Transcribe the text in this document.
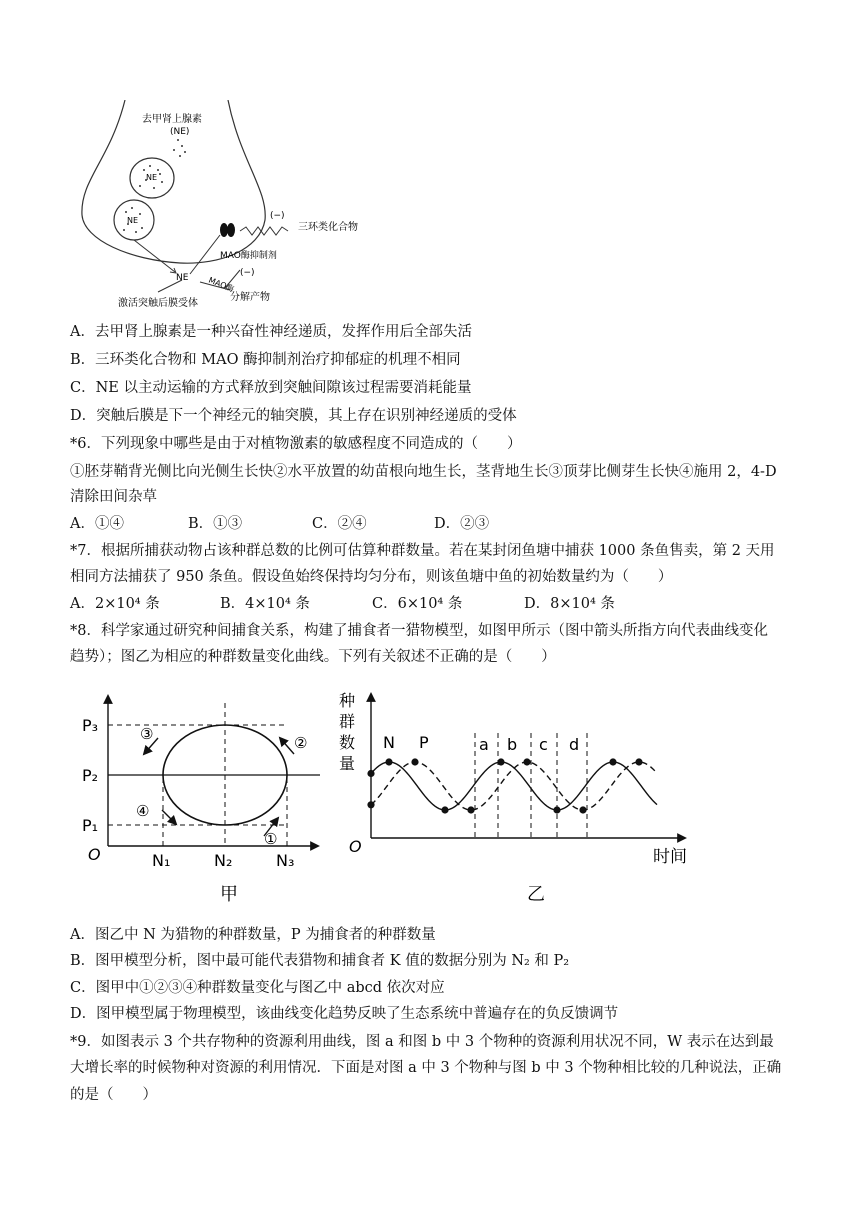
去甲肾上腺素
(NE)
NE
NE
NE
三环类化合物
(−)
MAO酶抑制剂
(−)
MAO酶
激活突触后膜受体
分解产物
A．去甲肾上腺素是一种兴奋性神经递质，发挥作用后全部失活
B．三环类化合物和 MAO 酶抑制剂治疗抑郁症的机理不相同
C．NE 以主动运输的方式释放到突触间隙该过程需要消耗能量
D．突触后膜是下一个神经元的轴突膜，其上存在识别神经递质的受体
*6．下列现象中哪些是由于对植物激素的敏感程度不同造成的（　　）
①胚芽鞘背光侧比向光侧生长快②水平放置的幼苗根向地生长，茎背地生长③顶芽比侧芽生长快④施用 2，4-D
清除田间杂草
A．①④	B．①③	C．②④	D．②③
*7．根据所捕获动物占该种群总数的比例可估算种群数量。若在某封闭鱼塘中捕获 1000 条鱼售卖，第 2 天用
相同方法捕获了 950 条鱼。假设鱼始终保持均匀分布，则该鱼塘中鱼的初始数量约为（　　）
A．2×10⁴ 条	B．4×10⁴ 条	C．6×10⁴ 条	D．8×10⁴ 条
*8．科学家通过研究种间捕食关系，构建了捕食者一猎物模型，如图甲所示（图中箭头所指方向代表曲线变化
趋势）；图乙为相应的种群数量变化曲线。下列有关叙述不正确的是（　　）
P₃
P₂
P₁
O	N₁	N₂	N₃
①
②
③
④
甲
种
群
数
量
O
时间
乙
N P	a b c d
A．图乙中 N 为猎物的种群数量，P 为捕食者的种群数量
B．图甲模型分析，图中最可能代表猎物和捕食者 K 值的数据分别为 N₂ 和 P₂
C．图甲中①②③④种群数量变化与图乙中 abcd 依次对应
D．图甲模型属于物理模型，该曲线变化趋势反映了生态系统中普遍存在的负反馈调节
*9．如图表示 3 个共存物种的资源利用曲线，图 a 和图 b 中 3 个物种的资源利用状况不同，W 表示在达到最
大增长率的时候物种对资源的利用情况．下面是对图 a 中 3 个物种与图 b 中 3 个物种相比较的几种说法，正确
的是（　　）
